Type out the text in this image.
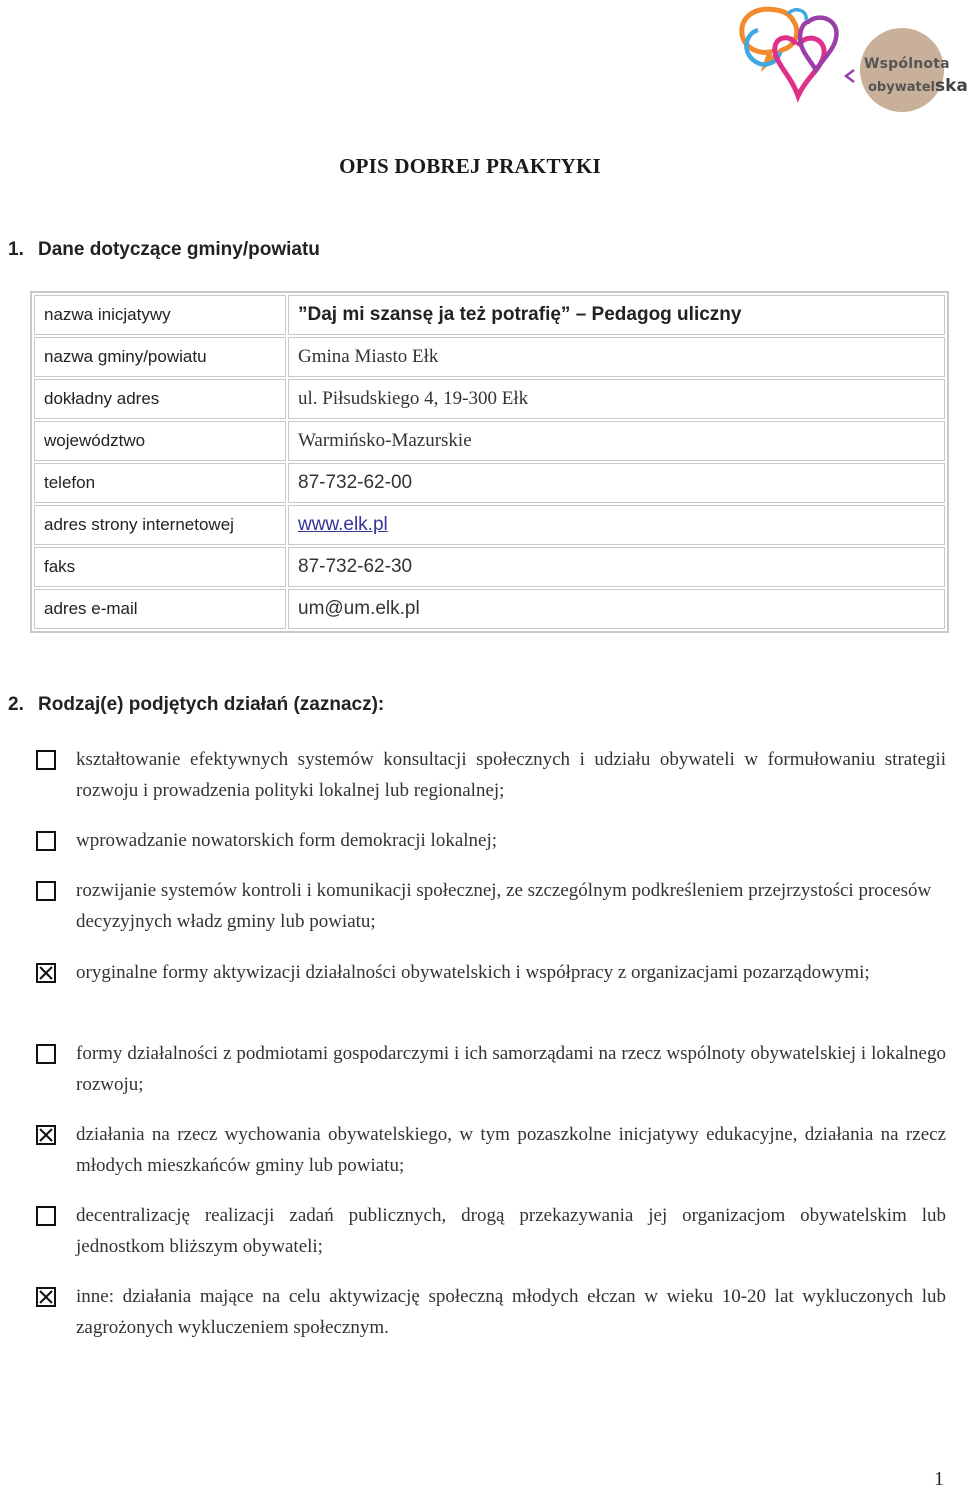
Wspólnota
obywatelska
OPIS DOBREJ PRAKTYKI
1. Dane dotyczące gminy/powiatu
nazwa inicjatywy	”Daj mi szansę ja też potrafię” – Pedagog uliczny
nazwa gminy/powiatu	Gmina Miasto Ełk
dokładny adres	ul. Piłsudskiego 4, 19-300 Ełk
województwo	Warmińsko-Mazurskie
telefon	87-732-62-00
adres strony internetowej	www.elk.pl
faks	87-732-62-30
adres e-mail	um@um.elk.pl
2. Rodzaj(e) podjętych działań (zaznacz):
kształtowanie efektywnych systemów konsultacji społecznych i udziału obywateli w formułowaniu strategii rozwoju i prowadzenia polityki lokalnej lub regionalnej;
wprowadzanie nowatorskich form demokracji lokalnej;
rozwijanie systemów kontroli i komunikacji społecznej, ze szczególnym podkreśleniem przejrzystości procesów decyzyjnych władz gminy lub powiatu;
oryginalne formy aktywizacji działalności obywatelskich i współpracy z organizacjami pozarządowymi;
formy działalności z podmiotami gospodarczymi i ich samorządami na rzecz wspólnoty obywatelskiej i lokalnego rozwoju;
działania na rzecz wychowania obywatelskiego, w tym pozaszkolne inicjatywy edukacyjne, działania na rzecz młodych mieszkańców gminy lub powiatu;
decentralizację realizacji zadań publicznych, drogą przekazywania jej organizacjom obywatelskim lub jednostkom bliższym obywateli;
inne: działania mające na celu aktywizację społeczną młodych ełczan w wieku 10-20 lat wykluczonych lub zagrożonych wykluczeniem społecznym.
1
